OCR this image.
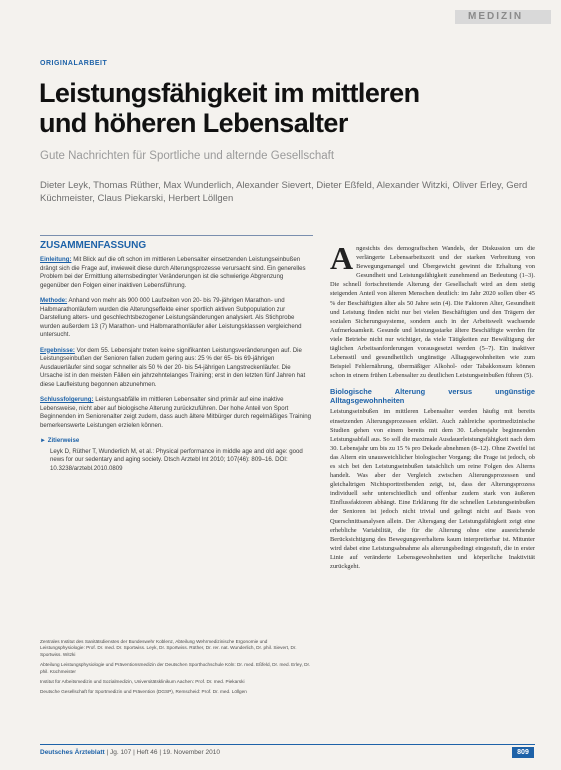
MEDIZIN
ORIGINALARBEIT
Leistungsfähigkeit im mittleren
und höheren Lebensalter
Gute Nachrichten für Sportliche und alternde Gesellschaft
Dieter Leyk, Thomas Rüther, Max Wunderlich, Alexander Sievert, Dieter Eßfeld, Alexander Witzki, Oliver Erley, Gerd Küchmeister, Claus Piekarski, Herbert Löllgen
ZUSAMMENFASSUNG

Einleitung: Mit Blick auf die oft schon im mittleren Lebensalter einsetzenden Leistungseinbußen drängt sich die Frage auf, inwieweit diese durch Alterungsprozesse verursacht sind. Ein generelles Problem bei der Ermittlung alternsbedingter Veränderungen ist die schwierige Abgrenzung gegenüber den Folgen einer inaktiven Lebensführung.

Methode: Anhand von mehr als 900 000 Laufzeiten von 20- bis 79-jährigen Marathon- und Halbmarathonläufern wurden die Alterungseffekte einer sportlich aktiven Subpopulation zur Darstellung alters- und geschlechtsbezogener Leistungsänderungen analysiert. Als Stichprobe wurden außerdem 13 (7) Marathon- und Halbmarathonläufer aller Leistungsklassen vergleichend untersucht.

Ergebnisse: Vor dem 55. Lebensjahr treten keine signifikanten Leistungsveränderungen auf. Die Leistungseinbußen der Senioren fallen zudem gering aus: 25 % der 65- bis 69-jährigen Ausdauerläufer sind sogar schneller als 50 % der 20- bis 54-jährigen Langstreckenläufer. Die Ursache ist in den meisten Fällen ein jahrzehntelanges Training; erst in den letzten fünf Jahren hat diese Laufleistung begonnen abzunehmen.

Schlussfolgerung: Leistungsabfälle im mittleren Lebensalter sind primär auf eine inaktive Lebensweise, nicht aber auf biologische Alterung zurückzuführen. Der hohe Anteil von Sport Beginnenden im Seniorenalter zeigt zudem, dass auch ältere Mitbürger durch regelmäßiges Training bemerkenswerte Leistungen erzielen können.

► Zitierweise
Leyk D, Rüther T, Wunderlich M, et al.: Physical performance in middle age and old age: good news for our sedentary and aging society. Dtsch Arztebl Int 2010; 107(46): 809–16. DOI: 10.3238/arztebl.2010.0809

Zentrales Institut des Sanitätsdienstes der Bundeswehr Koblenz, Abteilung Wehrmedizinische Ergonomie und Leistungsphysiologie: Prof. Dr. med. Dr. Sportwiss. Leyk, Dr. Sportwiss. Rüther, Dr. rer. nat. Wunderlich, Dr. phil. Sievert, Dr. Sportwiss. Witzki

Abteilung Leistungsphysiologie und Präventionsmedizin der Deutschen Sporthochschule Köln: Dr. med. Eßfeld, Dr. med. Erley, Dr. phil. Küchmeister

Institut für Arbeitsmedizin und Sozialmedizin, Universitätsklinikum Aachen: Prof. Dr. med. Piekarski

Deutsche Gesellschaft für Sportmedizin und Prävention (DGSP), Remscheid: Prof. Dr. med. Löllgen

Angesichts des demografischen Wandels, der Diskussion um die verlängerte Lebensarbeitszeit und der starken Verbreitung von Bewegungsmangel und Übergewicht gewinnt die Erhaltung von Gesundheit und Leistungsfähigkeit zunehmend an Bedeutung (1–3). Die schnell fortschreitende Alterung der Gesellschaft wird an dem stetig steigenden Anteil von älteren Menschen deutlich: im Jahr 2020 sollen über 45 % der Beschäftigten älter als 50 Jahre sein (4). Die Faktoren Alter, Gesundheit und Leistung finden nicht nur bei vielen Beschäftigten und den Trägern der sozialen Sicherungssysteme, sondern auch in der Arbeitswelt wachsende Aufmerksamkeit. Gesunde und leistungsstarke ältere Beschäftigte werden für viele Betriebe nicht nur wichtiger, da viele Tätigkeiten zur Bewältigung der täglichen Arbeitsanforderungen vorausgesetzt werden (5–7). Ein inaktiver Lebensstil und gesundheitlich ungünstige Alltagsgewohnheiten wie zum Beispiel Fehlernährung, übermäßiger Alkohol- oder Tabakkonsum können schon in einem frühen Lebensalter zu deutlichen Leistungseinbußen führen (5).

Biologische Alterung versus ungünstige Alltagsgewohnheiten

Leistungseinbußen im mittleren Lebensalter werden häufig mit bereits einsetzenden Alterungsprozessen erklärt. Auch zahlreiche sportmedizinische Studien gehen von einem bereits mit dem 30. Lebensjahr beginnenden Leistungsabfall aus. So soll die maximale Ausdauerleistungsfähigkeit nach dem 30. Lebensjahr um bis zu 15 % pro Dekade abnehmen (8–12). Ohne Zweifel ist das Altern ein unausweichlicher biologischer Vorgang; die Frage ist jedoch, ob es sich bei den Leistungseinbußen tatsächlich um reine Folgen des Alterns handelt. Was aber der Vergleich zwischen Alterungsprozessen und gleichaltrigen Nichtsporttreibenden zeigt, ist, dass der Alterungsprozess individuell sehr unterschiedlich und offenbar zudem stark von äußeren Einflussfaktoren abhängt. Eine Erklärung für die schnellen Leistungseinbußen der Senioren ist jedoch nicht trivial und gelingt nicht auf Basis von Querschnittsanalysen allein. Der Altersgang der Leistungsfähigkeit zeigt eine erhebliche Variabilität, die für die Alterung ohne eine ausreichende Berücksichtigung des Bewegungsverhaltens kaum interpretierbar ist. Mitunter wird dabei eine Leistungsabnahme als alterungsbedingt eingestuft, die in erster Linie auf veränderte Lebensgewohnheiten und körperliche Inaktivität zurückgeht.

Deutsches Ärzteblatt | Jg. 107 | Heft 46 | 19. November 2010	809
